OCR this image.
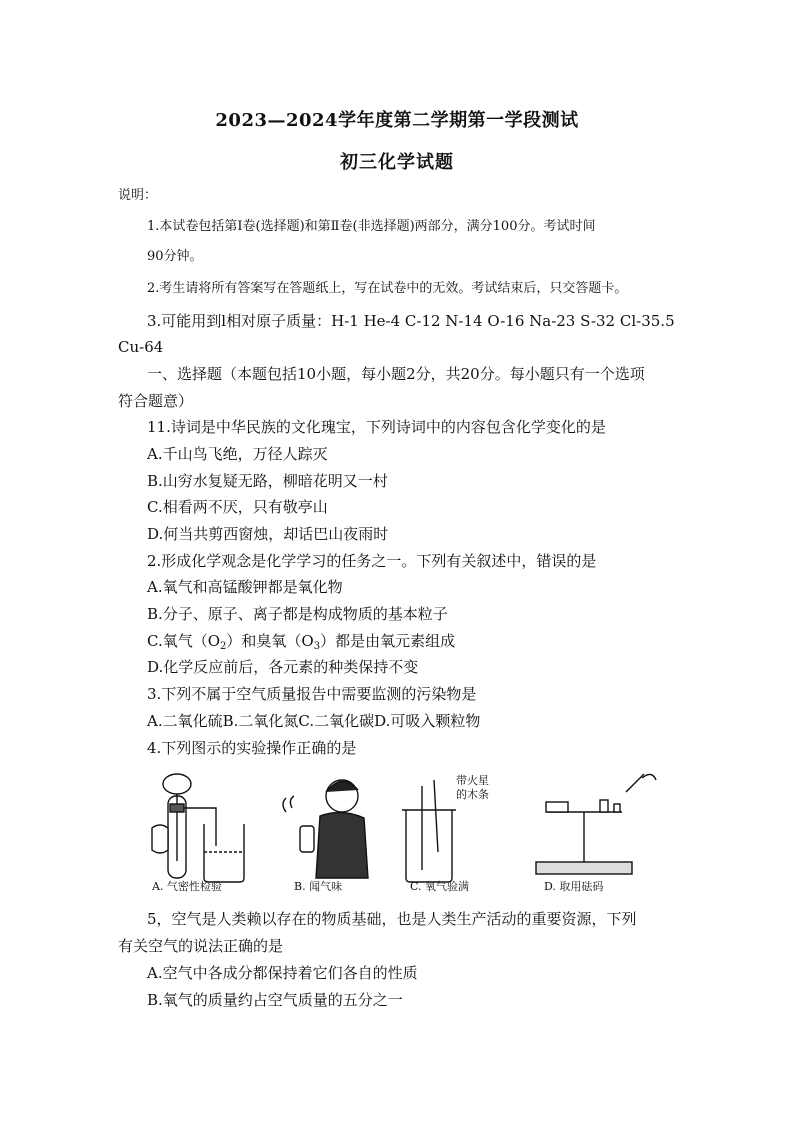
2023—2024学年度第二学期第一学段测试
初三化学试题
说明：
1.本试卷包括第Ⅰ卷(选择题)和第Ⅱ卷(非选择题)两部分，满分100分。考试时间
90分钟。
2.考生请将所有答案写在答题纸上，写在试卷中的无效。考试结束后，只交答题卡。
3.可能用到l相对原子质量：H-1 He-4 C-12 N-14 O-16 Na-23 S-32 Cl-35.5
Cu-64
一、选择题（本题包括10小题，每小题2分，共20分。每小题只有一个选项
符合题意）
11.诗词是中华民族的文化瑰宝，下列诗词中的内容包含化学变化的是
A.千山鸟飞绝，万径人踪灭
B.山穷水复疑无路，柳暗花明又一村
C.相看两不厌，只有敬亭山
D.何当共剪西窗烛，却话巴山夜雨时
2.形成化学观念是化学学习的任务之一。下列有关叙述中，错误的是
A.氧气和高锰酸钾都是氧化物
B.分子、原子、离子都是构成物质的基本粒子
C.氧气$(O_2)$和臭氧$(O_3)$都是由氧元素组成
D.化学反应前后，各元素的种类保持不变
3.下列不属于空气质量报告中需要监测的污染物是
A.二氧化硫B.二氧化氮C.二氧化碳D.可吸入颗粒物
4.下列图示的实验操作正确的是
带火星
的木条
A. 气密性检验	B. 闻气味	C. 氧气验满	D. 取用砝码
5，空气是人类赖以存在的物质基础，也是人类生产活动的重要资源，下列
有关空气的说法正确的是
A.空气中各成分都保持着它们各自的性质
B.氧气的质量约占空气质量的五分之一
